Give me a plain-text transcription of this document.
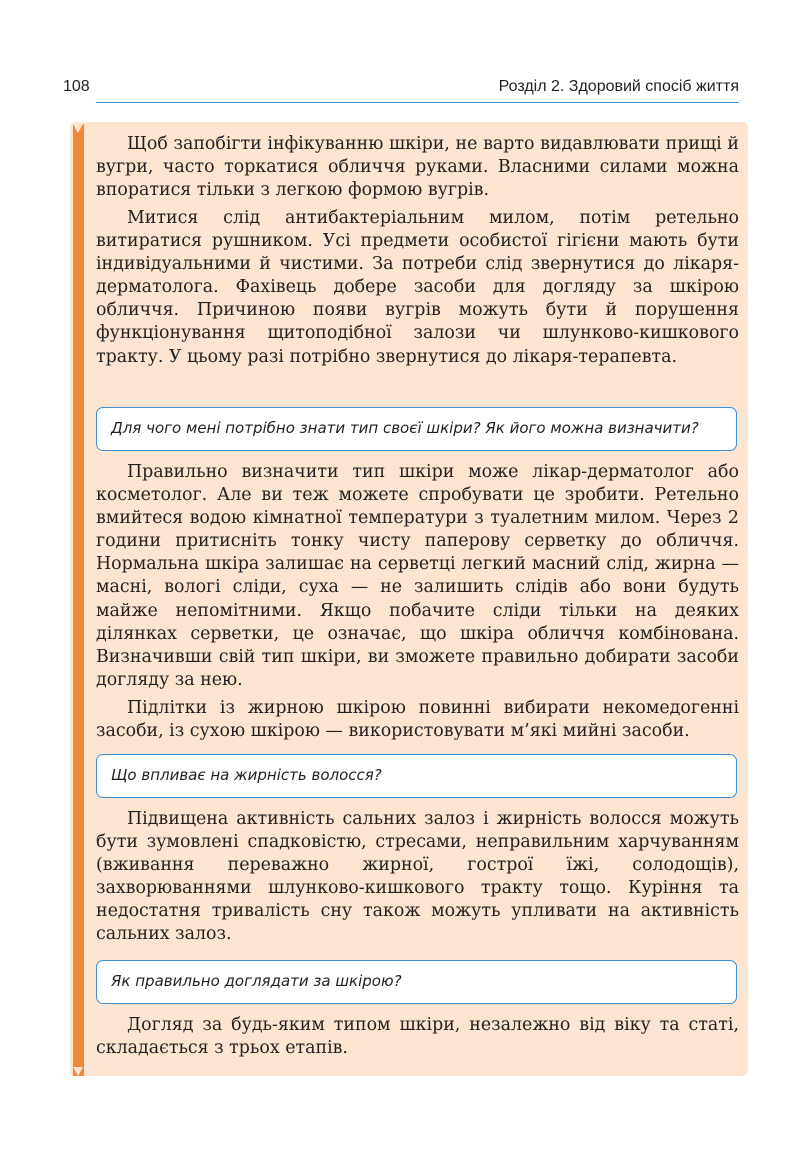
108	Розділ 2. Здоровий спосіб життя

Щоб запобігти інфікуванню шкіри, не варто видавлювати прищі й вугри, часто торкатися обличчя руками. Власними силами можна впоратися тільки з легкою формою вугрів.

Митися слід антибактеріальним милом, потім ретельно витиратися рушником. Усі предмети особистої гігієни мають бути індивідуальними й чистими. За потреби слід звернутися до лікаря-дерматолога. Фахівець добере засоби для догляду за шкірою обличчя. Причиною появи вугрів можуть бути й порушення функціонування щитоподібної залози чи шлунково-кишкового тракту. У цьому разі потрібно звернутися до лікаря-терапевта.

Для чого мені потрібно знати тип своєї шкіри? Як його можна визначити?

Правильно визначити тип шкіри може лікар-дерматолог або косметолог. Але ви теж можете спробувати це зробити. Ретельно вмийтеся водою кімнатної температури з туалетним милом. Через 2 години притисніть тонку чисту паперову серветку до обличчя. Нормальна шкіра залишає на серветці легкий масний слід, жирна — масні, вологі сліди, суха — не залишить слідів або вони будуть майже непомітними. Якщо побачите сліди тільки на деяких ділянках серветки, це означає, що шкіра обличчя комбінована. Визначивши свій тип шкіри, ви зможете правильно добирати засоби догляду за нею.

Підлітки із жирною шкірою повинні вибирати некомедогенні засоби, із сухою шкірою — використовувати м’які мийні засоби.

Що впливає на жирність волосся?

Підвищена активність сальних залоз і жирність волосся можуть бути зумовлені спадковістю, стресами, неправильним харчуванням (вживання переважно жирної, гострої їжі, солодощів), захворюваннями шлунково-кишкового тракту тощо. Куріння та недостатня тривалість сну також можуть упливати на активність сальних залоз.

Як правильно доглядати за шкірою?

Догляд за будь-яким типом шкіри, незалежно від віку та статі, складається з трьох етапів.
